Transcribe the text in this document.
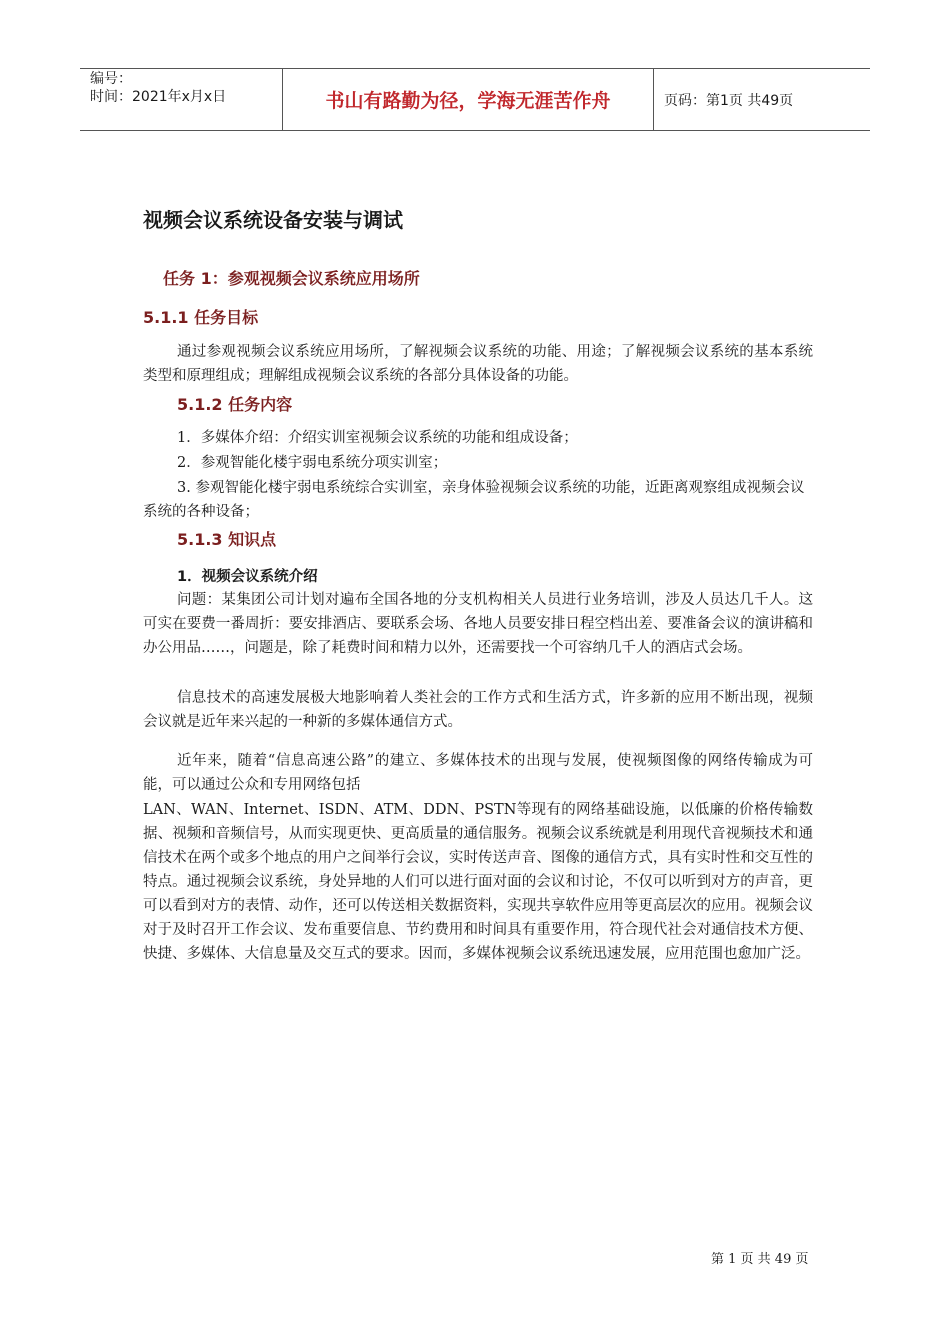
编号：
时间：2021年x月x日	书山有路勤为径，学海无涯苦作舟	页码：第1页 共49页
视频会议系统设备安装与调试
任务 1：参观视频会议系统应用场所
5.1.1 任务目标

通过参观视频会议系统应用场所，了解视频会议系统的功能、用途；了解视频会议系统的基本系统类型和原理组成；理解组成视频会议系统的各部分具体设备的功能。

5.1.2 任务内容

1．多媒体介绍：介绍实训室视频会议系统的功能和组成设备；

2．参观智能化楼宇弱电系统分项实训室；

3. 参观智能化楼宇弱电系统综合实训室，亲身体验视频会议系统的功能，近距离观察组成视频会议系统的各种设备；

5.1.3 知识点
1．视频会议系统介绍

问题：某集团公司计划对遍布全国各地的分支机构相关人员进行业务培训，涉及人员达几千人。这可实在要费一番周折：要安排酒店、要联系会场、各地人员要安排日程空档出差、要准备会议的演讲稿和办公用品……，问题是，除了耗费时间和精力以外，还需要找一个可容纳几千人的酒店式会场。

信息技术的高速发展极大地影响着人类社会的工作方式和生活方式，许多新的应用不断出现，视频会议就是近年来兴起的一种新的多媒体通信方式。

近年来，随着“信息高速公路”的建立、多媒体技术的出现与发展，使视频图像的网络传输成为可能，可以通过公众和专用网络包括

LAN、WAN、Internet、ISDN、ATM、DDN、PSTN等现有的网络基础设施，以低廉的价格传输数据、视频和音频信号，从而实现更快、更高质量的通信服务。视频会议系统就是利用现代音视频技术和通信技术在两个或多个地点的用户之间举行会议，实时传送声音、图像的通信方式，具有实时性和交互性的特点。通过视频会议系统，身处异地的人们可以进行面对面的会议和讨论，不仅可以听到对方的声音，更可以看到对方的表情、动作，还可以传送相关数据资料，实现共享软件应用等更高层次的应用。视频会议对于及时召开工作会议、发布重要信息、节约费用和时间具有重要作用，符合现代社会对通信技术方便、快捷、多媒体、大信息量及交互式的要求。因而，多媒体视频会议系统迅速发展，应用范围也愈加广泛。

第 1 页 共 49 页
